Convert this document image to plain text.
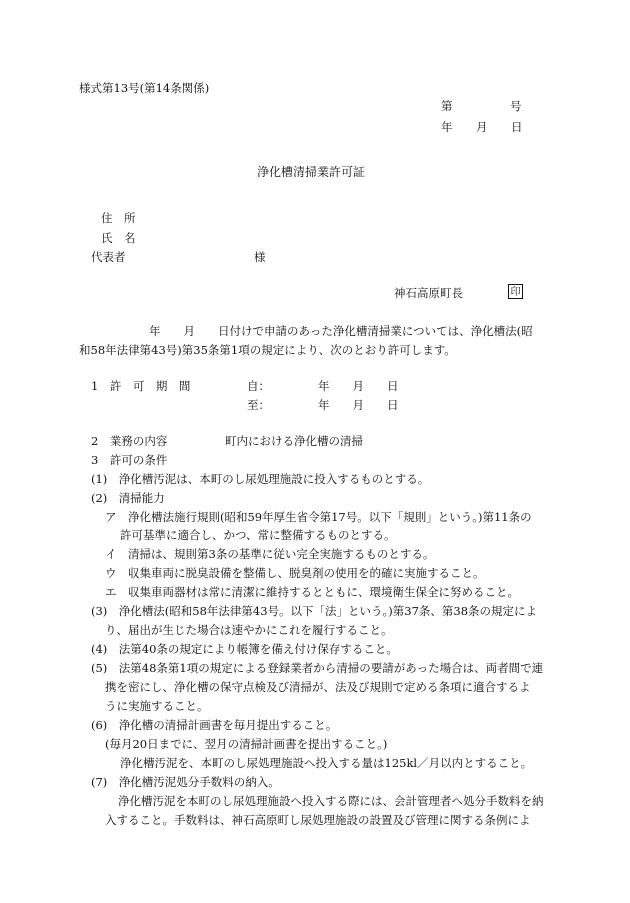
様式第13号(第14条関係)
第	号
年 月 日
浄化槽清掃業許可証
住　所
氏　名
代表者	様
神石高原町長	印
年　　月　　日付けで申請のあった浄化槽清掃業については、浄化槽法(昭
和58年法律第43号)第35条第1項の規定により、次のとおり許可します。
1　許　可　期　間	自：	年　　月　　日
至：	年　　月　　日
2　業務の内容	町内における浄化槽の清掃
3　許可の条件
(1)　浄化槽汚泥は、本町のし尿処理施設に投入するものとする。
(2)　清掃能力
ア　浄化槽法施行規則(昭和59年厚生省令第17号。以下「規則」という。)第11条の
許可基準に適合し、かつ、常に整備するものとする。
イ　清掃は、規則第3条の基準に従い完全実施するものとする。
ウ　収集車両に脱臭設備を整備し、脱臭剤の使用を的確に実施すること。
エ　収集車両器材は常に清潔に維持するとともに、環境衛生保全に努めること。
(3)　浄化槽法(昭和58年法律第43号。以下「法」という。)第37条、第38条の規定によ
り、届出が生じた場合は速やかにこれを履行すること。
(4)　法第40条の規定により帳簿を備え付け保存すること。
(5)　法第48条第1項の規定による登録業者から清掃の要請があった場合は、両者間で連
携を密にし、浄化槽の保守点検及び清掃が、法及び規則で定める条項に適合するよ
うに実施すること。
(6)　浄化槽の清掃計画書を毎月提出すること。
(毎月20日までに、翌月の清掃計画書を提出すること。)
浄化槽汚泥を、本町のし尿処理施設へ投入する量は125kl／月以内とすること。
(7)　浄化槽汚泥処分手数料の納入。
浄化槽汚泥を本町のし尿処理施設へ投入する際には、会計管理者へ処分手数料を納
入すること。手数料は、神石高原町し尿処理施設の設置及び管理に関する条例によ
